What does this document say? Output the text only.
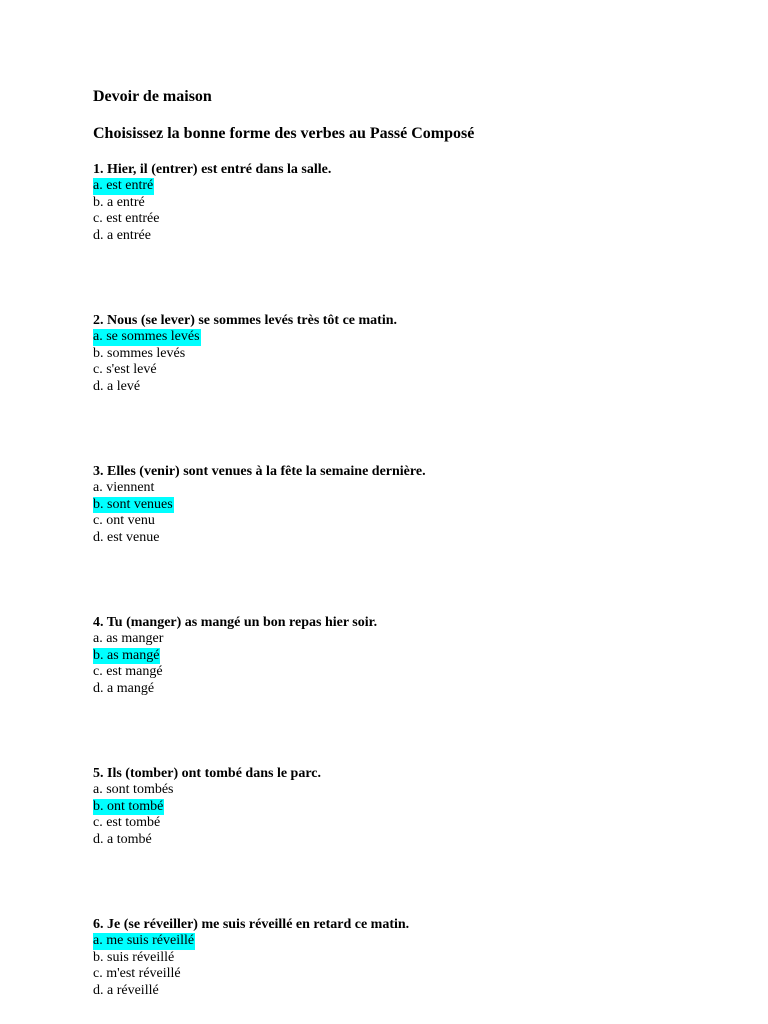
Devoir de maison

Choisissez la bonne forme des verbes au Passé Composé

1. Hier, il (entrer) est entré dans la salle.

a. est entré

b. a entré

c. est entrée

d. a entrée

2. Nous (se lever) se sommes levés très tôt ce matin.

a. se sommes levés

b. sommes levés

c. s'est levé

d. a levé

3. Elles (venir) sont venues à la fête la semaine dernière.

a. viennent

b. sont venues

c. ont venu

d. est venue

4. Tu (manger) as mangé un bon repas hier soir.

a. as manger

b. as mangé

c. est mangé

d. a mangé

5. Ils (tomber) ont tombé dans le parc.

a. sont tombés

b. ont tombé

c. est tombé

d. a tombé

6. Je (se réveiller) me suis réveillé en retard ce matin.

a. me suis réveillé

b. suis réveillé

c. m'est réveillé

d. a réveillé
